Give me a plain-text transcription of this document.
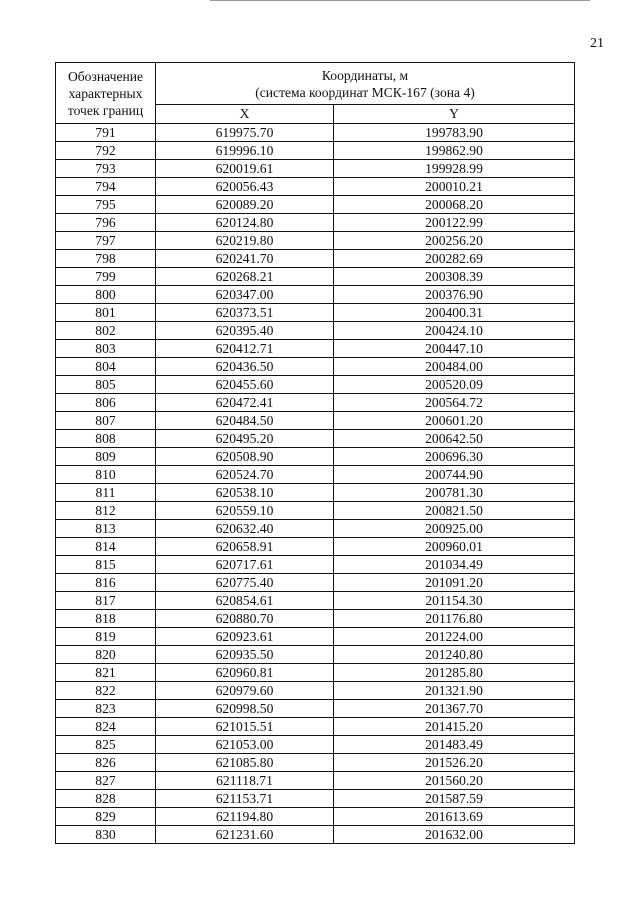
21
Обозначение
характерных
точек границ	Координаты, м
(система координат МСК-167 (зона 4)	
	X	Y
791	619975.70	199783.90
792	619996.10	199862.90
793	620019.61	199928.99
794	620056.43	200010.21
795	620089.20	200068.20
796	620124.80	200122.99
797	620219.80	200256.20
798	620241.70	200282.69
799	620268.21	200308.39
800	620347.00	200376.90
801	620373.51	200400.31
802	620395.40	200424.10
803	620412.71	200447.10
804	620436.50	200484.00
805	620455.60	200520.09
806	620472.41	200564.72
807	620484.50	200601.20
808	620495.20	200642.50
809	620508.90	200696.30
810	620524.70	200744.90
811	620538.10	200781.30
812	620559.10	200821.50
813	620632.40	200925.00
814	620658.91	200960.01
815	620717.61	201034.49
816	620775.40	201091.20
817	620854.61	201154.30
818	620880.70	201176.80
819	620923.61	201224.00
820	620935.50	201240.80
821	620960.81	201285.80
822	620979.60	201321.90
823	620998.50	201367.70
824	621015.51	201415.20
825	621053.00	201483.49
826	621085.80	201526.20
827	621118.71	201560.20
828	621153.71	201587.59
829	621194.80	201613.69
830	621231.60	201632.00
